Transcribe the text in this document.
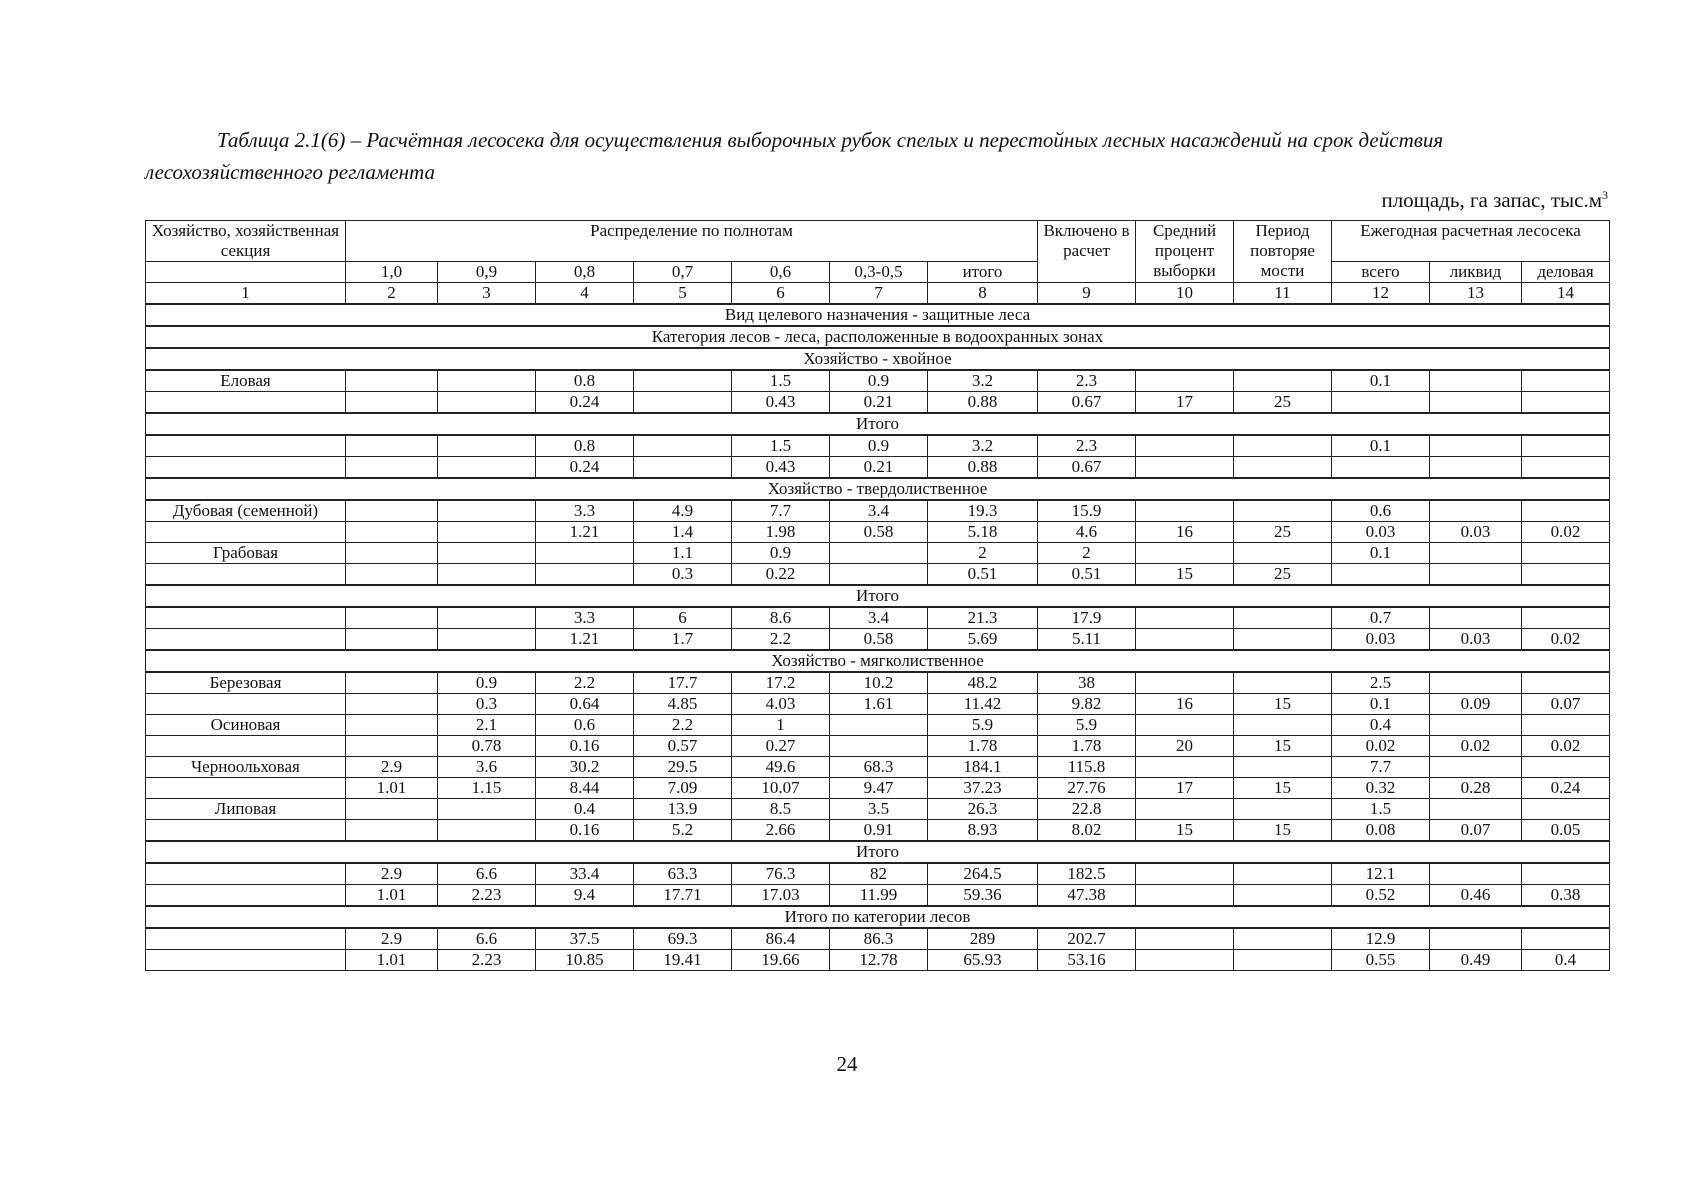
Таблица 2.1(6) – Расчётная лесосека для осуществления выборочных рубок спелых и перестойных лесных насаждений на срок действия лесохозяйственного регламента
площадь, га запас, $тыс.м^3$
Хозяйство, хозяйственная секция	Распределение по полнотам							Включено в расчет	Средний процент выборки	Период повторяе мости	Ежегодная расчетная лесосека		

	1,0	0,9	0,8	0,7	0,6	0,3-0,5	итого				всего	ликвид	деловая
1	2	3	4	5	6	7	8	9	10	11	12	13	14
Вид целевого назначения - защитные леса													
Категория лесов - леса, расположенные в водоохранных зонах													
Хозяйство - хвойное													
Еловая			0.8		1.5	0.9	3.2	2.3			0.1		
			0.24		0.43	0.21	0.88	0.67	17	25			
Итого													
			0.8		1.5	0.9	3.2	2.3			0.1		
			0.24		0.43	0.21	0.88	0.67					
Хозяйство - твердолиственное													
Дубовая (семенной)			3.3	4.9	7.7	3.4	19.3	15.9			0.6		
			1.21	1.4	1.98	0.58	5.18	4.6	16	25	0.03	0.03	0.02
Грабовая				1.1	0.9		2	2			0.1		
				0.3	0.22		0.51	0.51	15	25			
Итого													
			3.3	6	8.6	3.4	21.3	17.9			0.7		
			1.21	1.7	2.2	0.58	5.69	5.11			0.03	0.03	0.02
Хозяйство - мягколиственное													
Березовая		0.9	2.2	17.7	17.2	10.2	48.2	38			2.5		
		0.3	0.64	4.85	4.03	1.61	11.42	9.82	16	15	0.1	0.09	0.07
Осиновая		2.1	0.6	2.2	1		5.9	5.9			0.4		
		0.78	0.16	0.57	0.27		1.78	1.78	20	15	0.02	0.02	0.02
Черноольховая	2.9	3.6	30.2	29.5	49.6	68.3	184.1	115.8			7.7		
	1.01	1.15	8.44	7.09	10.07	9.47	37.23	27.76	17	15	0.32	0.28	0.24
Липовая			0.4	13.9	8.5	3.5	26.3	22.8			1.5		
			0.16	5.2	2.66	0.91	8.93	8.02	15	15	0.08	0.07	0.05
Итого													
	2.9	6.6	33.4	63.3	76.3	82	264.5	182.5			12.1		
	1.01	2.23	9.4	17.71	17.03	11.99	59.36	47.38			0.52	0.46	0.38
Итого по категории лесов													
	2.9	6.6	37.5	69.3	86.4	86.3	289	202.7			12.9		
	1.01	2.23	10.85	19.41	19.66	12.78	65.93	53.16			0.55	0.49	0.4
24
